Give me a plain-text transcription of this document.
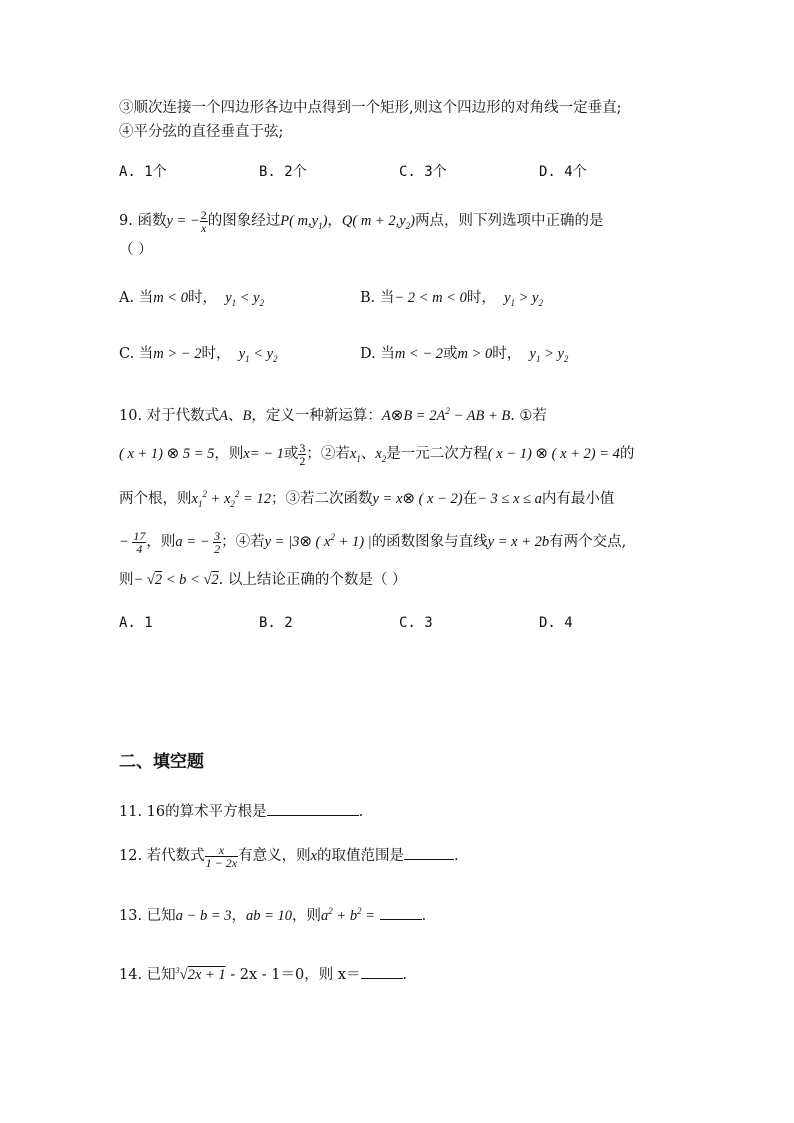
③顺次连接一个四边形各边中点得到一个矩形,则这个四边形的对角线一定垂直;
④平分弦的直径垂直于弦;
A. 1个	B. 2个	C. 3个	D. 4个
9. 函数y = − $\frac{2}{x}$ 的图象经过P( $m,y_1$)，Q( $m + 2,y_2$)两点，则下列选项中正确的是
（ ）
A. 当m < 0时，  $y_1 < y_2$	B. 当− 2 < m < 0时，  $y_1 > y_2$
C. 当m > − 2时，  $y_1 < y_2$	D. 当m < − 2或m > 0时，  $y_1 > y_2$
10. 对于代数式A、B，定义一种新运算：A⊗B = $2A^2$ − AB + B. ①若
( x + 1) ⊗ 5 = 5，则x= − 1或 $\frac{3}{2}$ ；②若$x_1$、$x_2$是一元二次方程( x − 1) ⊗ ( x + 2) = 4的
两个根，则$x_1^2 + x_2^2 = 12$；③若二次函数y = x⊗ ( x − 2)在− 3 ≤ x ≤ a内有最小值
− $\frac{17}{4}$ ，则a = − $\frac{3}{2}$ ；④若y = |3⊗ ( $x^2 + 1$) |的函数图象与直线y = x + 2b有两个交点,
则− √2 < b < √2. 以上结论正确的个数是（ ）
A. 1	B. 2	C. 3	D. 4
二、填空题
11. 16的算术平方根是	.
12. 若代数式 $\frac{x}{1 - 2x}$ 有意义，则x的取值范围是	.
13. 已知a − b = 3，ab = 10，则$a^2 + b^2$ =	.
14. 已知$^3$√2x + 1 - 2x - 1＝0，则 x＝	.
